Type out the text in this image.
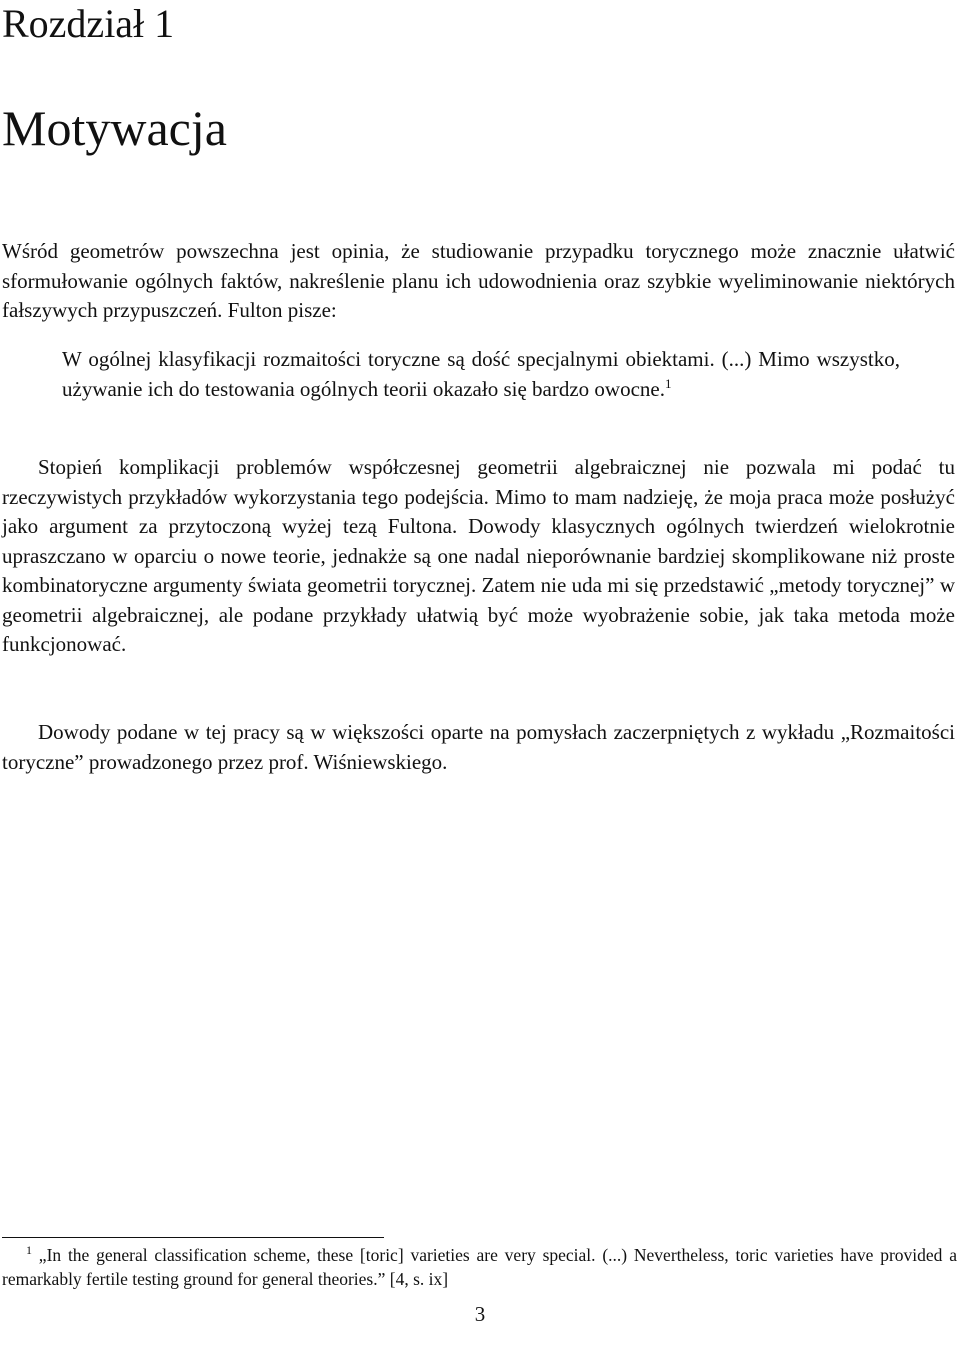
Rozdział 1
Motywacja

Wśród geometrów powszechna jest opinia, że studiowanie przypadku torycznego może znacznie ułatwić sformułowanie ogólnych faktów, nakreślenie planu ich udowodnienia oraz szybkie wyeliminowanie niektórych fałszywych przypuszczeń. Fulton pisze:

W ogólnej klasyfikacji rozmaitości toryczne są dość specjalnymi obiektami. (...) Mimo wszystko, używanie ich do testowania ogólnych teorii okazało się bardzo owocne.$^1$

Stopień komplikacji problemów współczesnej geometrii algebraicznej nie pozwala mi podać tu rzeczywistych przykładów wykorzystania tego podejścia. Mimo to mam nadzieję, że moja praca może posłużyć jako argument za przytoczoną wyżej tezą Fultona. Dowody klasycznych ogólnych twierdzeń wielokrotnie upraszczano w oparciu o nowe teorie, jednakże są one nadal nieporównanie bardziej skomplikowane niż proste kombinatoryczne argumenty świata geometrii torycznej. Zatem nie uda mi się przedstawić „metody torycznej” w geometrii algebraicznej, ale podane przykłady ułatwią być może wyobrażenie sobie, jak taka metoda może funkcjonować.

Dowody podane w tej pracy są w większości oparte na pomysłach zaczerpniętych z wykładu „Rozmaitości toryczne” prowadzonego przez prof. Wiśniewskiego.

$^1$ „In the general classification scheme, these [toric] varieties are very special. (...) Nevertheless, toric varieties have provided a remarkably fertile testing ground for general theories.” [4, s. ix]

3
